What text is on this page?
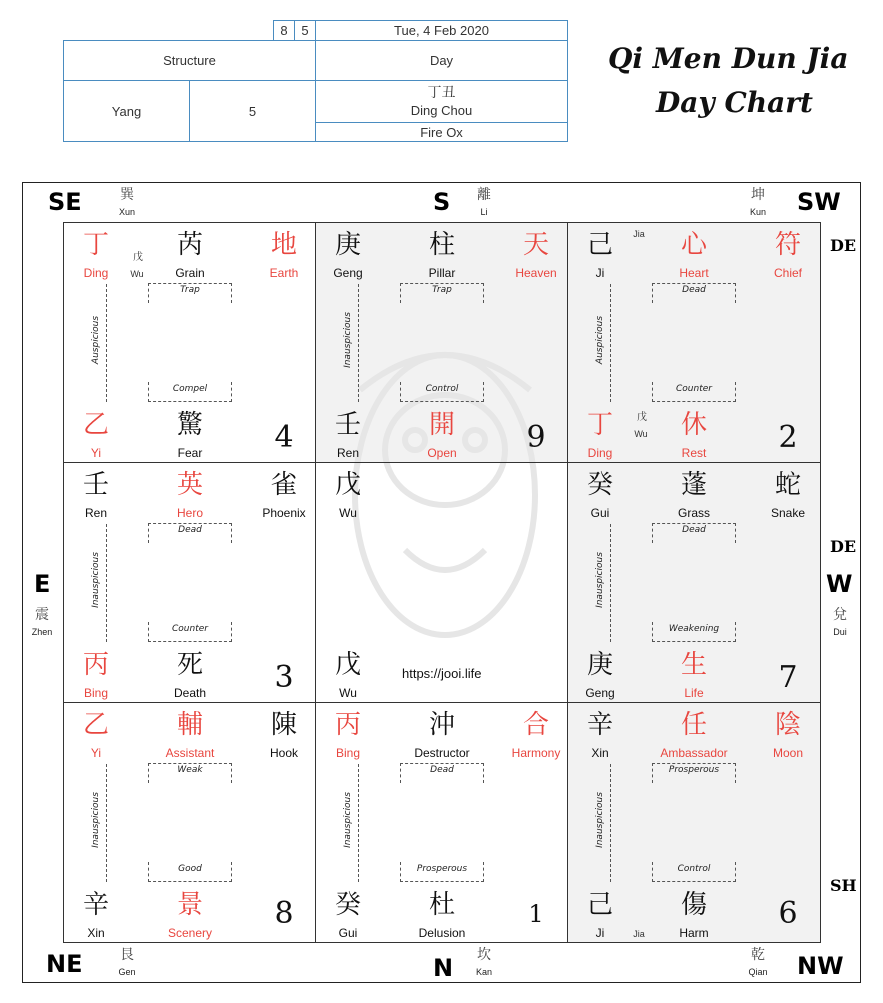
8	5	Tue, 4 Feb 2020
Structure	Day
Yang	5
丁丑
Ding Chou
Fire Ox
Qi Men Dun Jia
Day Chart
SE	巽
Xun	S	離
Li
坤
Kun	SW
E
震
Zhen
W
兌
Dui
NE	艮
Gen	N	坎
Kan
乾
Qian	NW
DE
DE
SH
丁
Ding
戊
Wu
芮
Grain
地
Earth
Trap
Auspicious
Compel
乙
Yi
驚
Fear	4
庚
Geng
柱
Pillar
天
Heaven
Trap
Inauspicious
Control
壬
Ren
開
Open	9
己
Ji
Jia	心
Heart
符
Chief
Dead
Auspicious
Counter
丁
Ding
戊
Wu	休
Rest	2
壬
Ren
英
Hero
雀
Phoenix
Dead
Inauspicious
Counter
丙
Bing
死
Death	3
戊
Wu
戊
Wu
https://jooi.life
癸
Gui
蓬
Grass
蛇
Snake
Dead
Inauspicious
Weakening
庚
Geng
生
Life	7
乙
Yi
輔
Assistant
陳
Hook
Weak
Inauspicious
Good
辛
Xin
景
Scenery
8
丙
Bing
沖
Destructor
合
Harmony
Dead
Inauspicious
Prosperous
癸
Gui
杜
Delusion
1
辛
Xin
任
Ambassador
陰
Moon
Prosperous
Inauspicious
Control
己
Ji	Jia
傷
Harm
6
